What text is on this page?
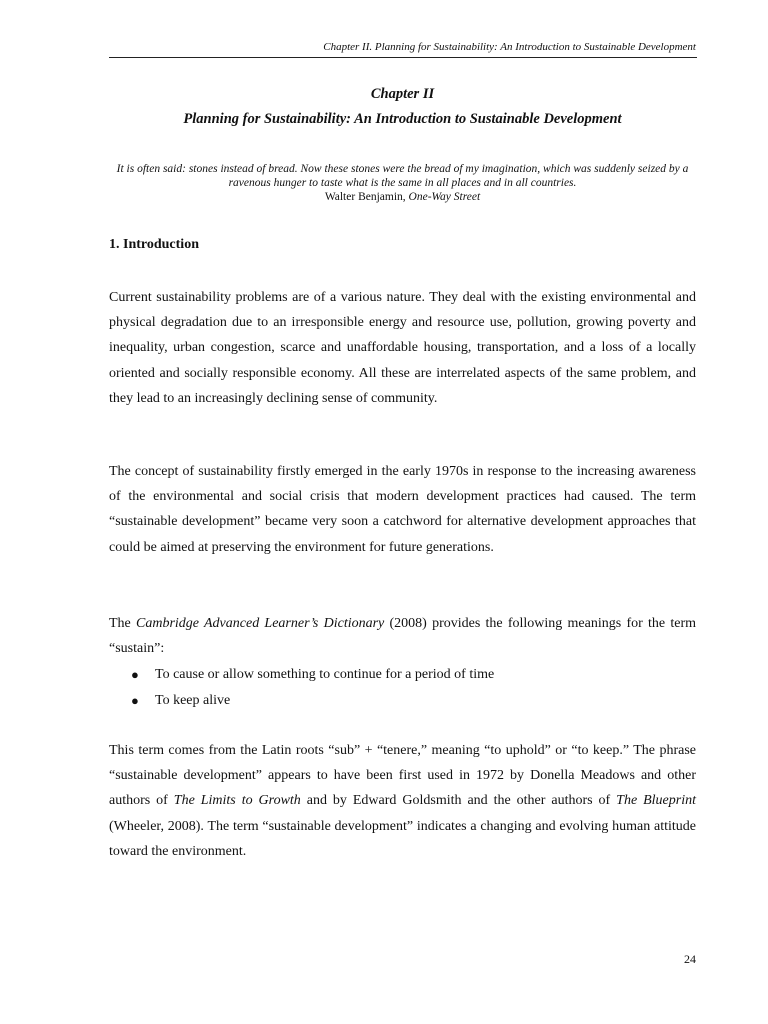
Chapter II. Planning for Sustainability: An Introduction to Sustainable Development
Chapter II
Planning for Sustainability: An Introduction to Sustainable Development
It is often said: stones instead of bread. Now these stones were the bread of my imagination, which was suddenly seized by a ravenous hunger to taste what is the same in all places and in all countries.
Walter Benjamin, One-Way Street
1. Introduction

Current sustainability problems are of a various nature. They deal with the existing environmental and physical degradation due to an irresponsible energy and resource use, pollution, growing poverty and inequality, urban congestion, scarce and unaffordable housing, transportation, and a loss of a locally oriented and socially responsible economy. All these are interrelated aspects of the same problem, and they lead to an increasingly declining sense of community.

The concept of sustainability firstly emerged in the early 1970s in response to the increasing awareness of the environmental and social crisis that modern development practices had caused. The term “sustainable development” became very soon a catchword for alternative development approaches that could be aimed at preserving the environment for future generations.

The Cambridge Advanced Learner’s Dictionary (2008) provides the following meanings for the term “sustain”:

● To cause or allow something to continue for a period of time
● To keep alive

This term comes from the Latin roots “sub” + “tenere,” meaning “to uphold” or “to keep.” The phrase “sustainable development” appears to have been first used in 1972 by Donella Meadows and other authors of The Limits to Growth and by Edward Goldsmith and the other authors of The Blueprint (Wheeler, 2008). The term “sustainable development” indicates a changing and evolving human attitude toward the environment.

24
